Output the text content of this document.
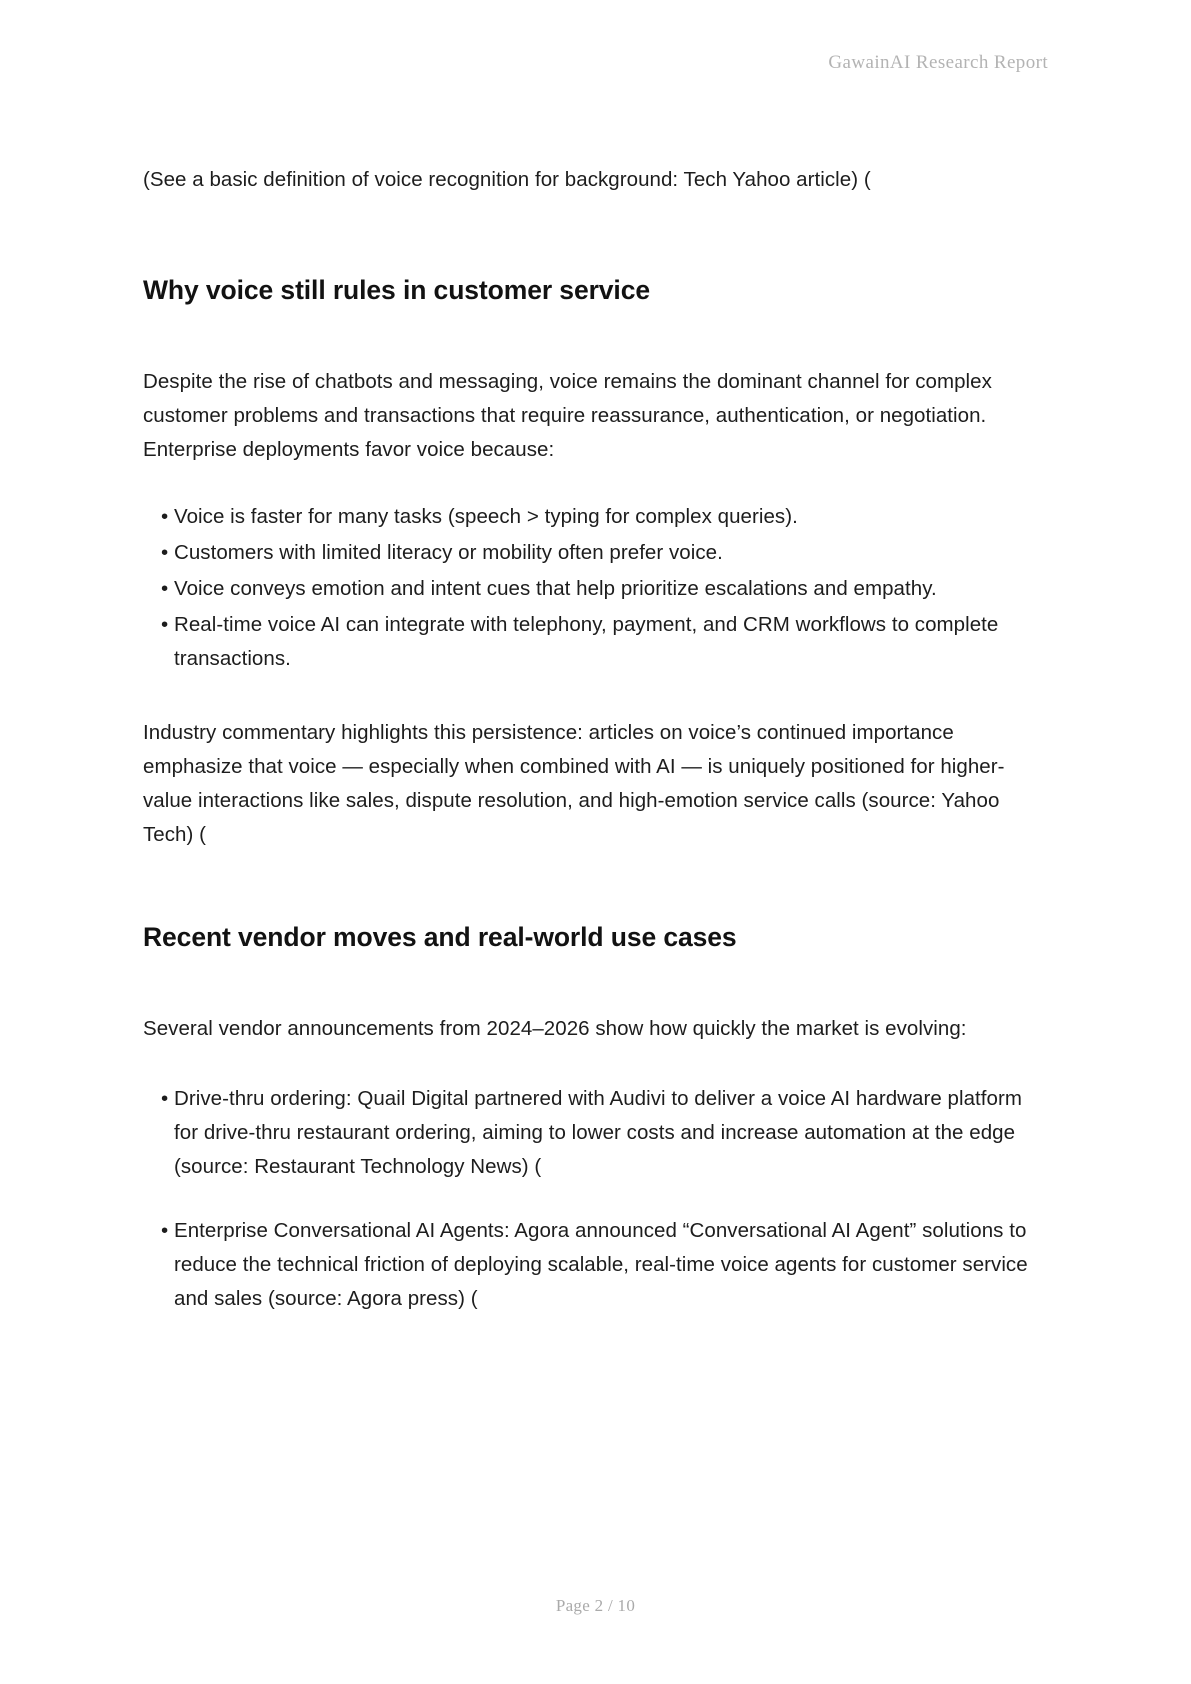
GawainAI Research Report

(See a basic definition of voice recognition for background: Tech Yahoo article) (

Why voice still rules in customer service

Despite the rise of chatbots and messaging, voice remains the dominant channel for complex customer problems and transactions that require reassurance, authentication, or negotiation. Enterprise deployments favor voice because:

• Voice is faster for many tasks (speech > typing for complex queries).
• Customers with limited literacy or mobility often prefer voice.
• Voice conveys emotion and intent cues that help prioritize escalations and empathy.
• Real-time voice AI can integrate with telephony, payment, and CRM workflows to complete transactions.

Industry commentary highlights this persistence: articles on voice’s continued importance emphasize that voice — especially when combined with AI — is uniquely positioned for higher-value interactions like sales, dispute resolution, and high-emotion service calls (source: Yahoo Tech) (

Recent vendor moves and real-world use cases

Several vendor announcements from 2024–2026 show how quickly the market is evolving:

• Drive-thru ordering: Quail Digital partnered with Audivi to deliver a voice AI hardware platform for drive-thru restaurant ordering, aiming to lower costs and increase automation at the edge (source: Restaurant Technology News) (
• Enterprise Conversational AI Agents: Agora announced “Conversational AI Agent” solutions to reduce the technical friction of deploying scalable, real-time voice agents for customer service and sales (source: Agora press) (
Page 2 / 10
